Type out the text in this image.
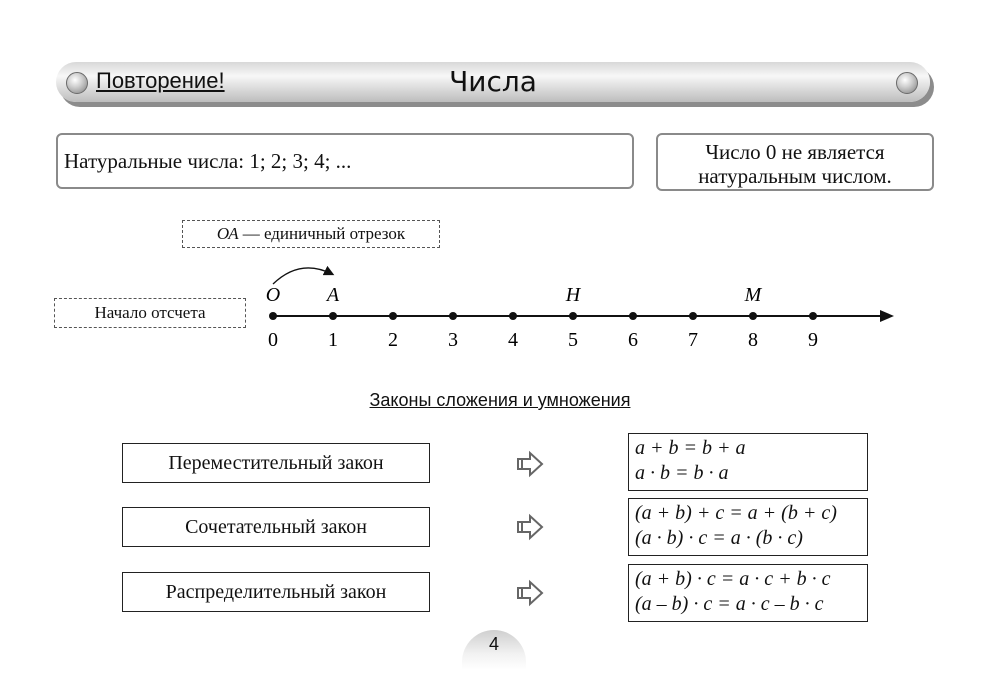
Повторение!	Числа
Натуральные числа: 1; 2; 3; 4; ...	Число 0 не является
натуральным числом.
ОА — единичный отрезок
Начало отсчета
0	1	2	3	4	5	6	7	8	9
O A	H	M
Законы сложения и умножения
Переместительный закон
a + b = b + a
a · b = b · a
Сочетательный закон
(a + b) + c = a + (b + c)
(a · b) · c = a · (b · c)
Распределительный закон
(a + b) · c = a · c + b · c
(a – b) · c = a · c – b · c
4
